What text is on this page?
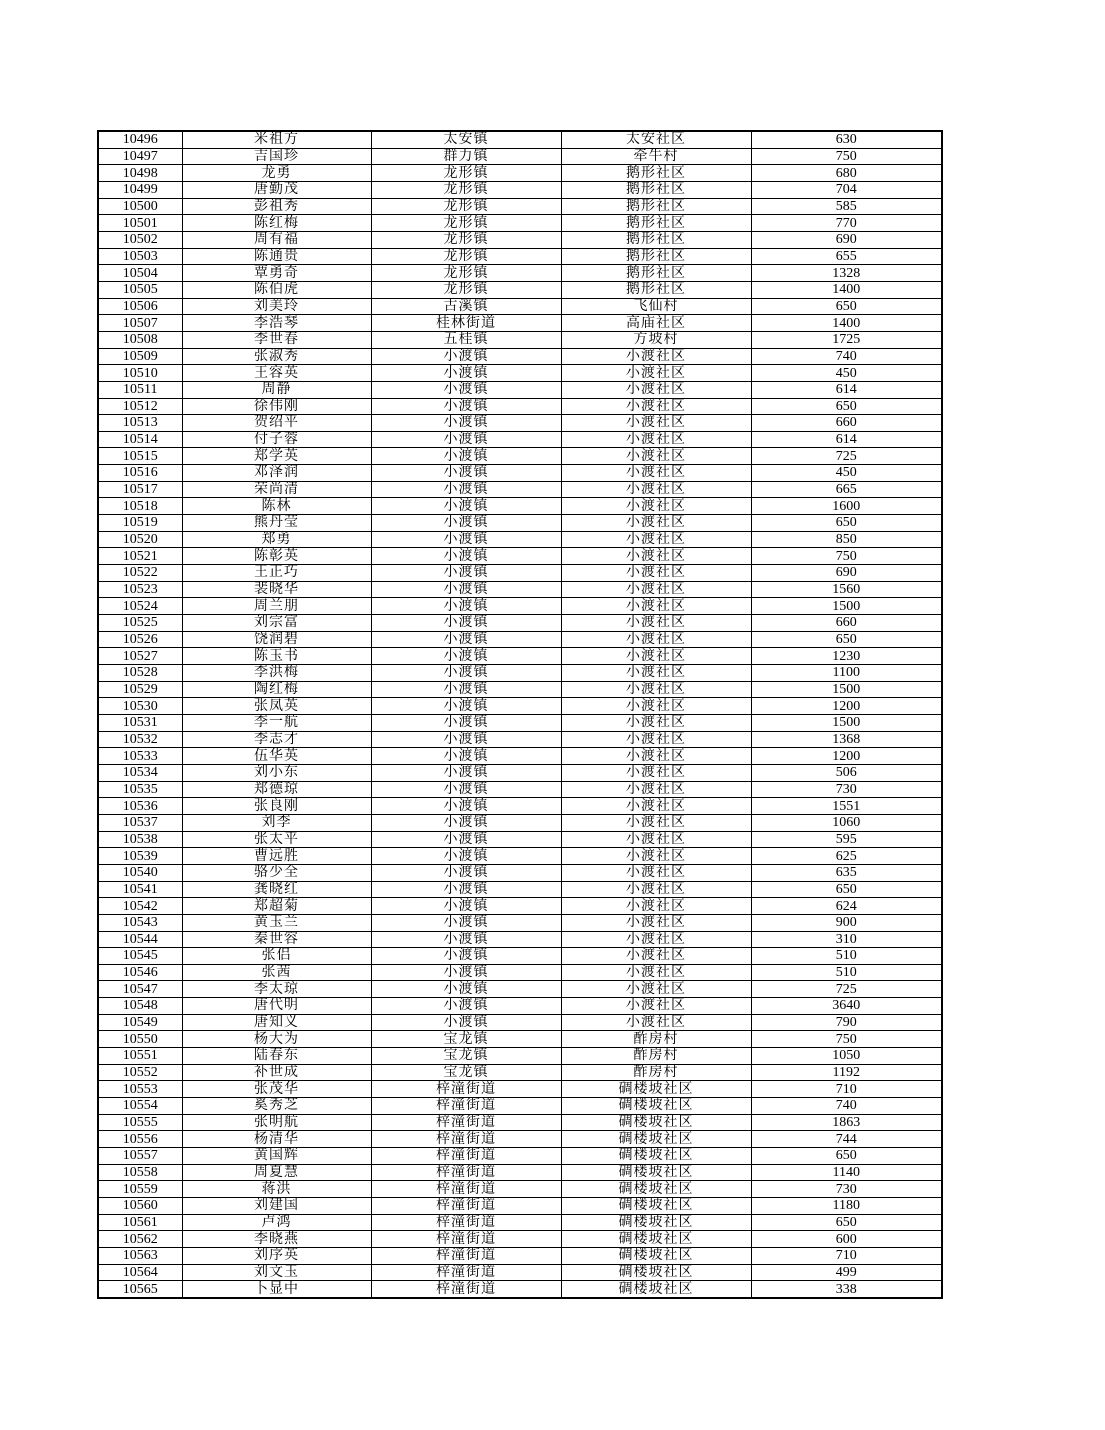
10496	米祖方	太安镇	太安社区	630
10497	吉国珍	群力镇	牵牛村	750
10498	龙勇	龙形镇	鹅形社区	680
10499	唐勤茂	龙形镇	鹅形社区	704
10500	彭祖秀	龙形镇	鹅形社区	585
10501	陈红梅	龙形镇	鹅形社区	770
10502	周有福	龙形镇	鹅形社区	690
10503	陈通贵	龙形镇	鹅形社区	655
10504	覃勇奇	龙形镇	鹅形社区	1328
10505	陈伯虎	龙形镇	鹅形社区	1400
10506	刘美玲	古溪镇	飞仙村	650
10507	李浩琴	桂林街道	高庙社区	1400
10508	李世春	五桂镇	方坡村	1725
10509	张淑秀	小渡镇	小渡社区	740
10510	王容英	小渡镇	小渡社区	450
10511	周静	小渡镇	小渡社区	614
10512	徐伟刚	小渡镇	小渡社区	650
10513	贺绍平	小渡镇	小渡社区	660
10514	付子蓉	小渡镇	小渡社区	614
10515	郑学英	小渡镇	小渡社区	725
10516	邓泽润	小渡镇	小渡社区	450
10517	荣尚清	小渡镇	小渡社区	665
10518	陈林	小渡镇	小渡社区	1600
10519	熊丹莹	小渡镇	小渡社区	650
10520	郑勇	小渡镇	小渡社区	850
10521	陈彰英	小渡镇	小渡社区	750
10522	王正巧	小渡镇	小渡社区	690
10523	裴晓华	小渡镇	小渡社区	1560
10524	周兰朋	小渡镇	小渡社区	1500
10525	刘宗富	小渡镇	小渡社区	660
10526	饶润碧	小渡镇	小渡社区	650
10527	陈玉书	小渡镇	小渡社区	1230
10528	李洪梅	小渡镇	小渡社区	1100
10529	陶红梅	小渡镇	小渡社区	1500
10530	张凤英	小渡镇	小渡社区	1200
10531	李一航	小渡镇	小渡社区	1500
10532	李志才	小渡镇	小渡社区	1368
10533	伍华英	小渡镇	小渡社区	1200
10534	刘小东	小渡镇	小渡社区	506
10535	郑德琼	小渡镇	小渡社区	730
10536	张良刚	小渡镇	小渡社区	1551
10537	刘李	小渡镇	小渡社区	1060
10538	张太平	小渡镇	小渡社区	595
10539	曹远胜	小渡镇	小渡社区	625
10540	骆少全	小渡镇	小渡社区	635
10541	龚晓红	小渡镇	小渡社区	650
10542	郑超菊	小渡镇	小渡社区	624
10543	黄玉兰	小渡镇	小渡社区	900
10544	秦世容	小渡镇	小渡社区	310
10545	张侣	小渡镇	小渡社区	510
10546	张茜	小渡镇	小渡社区	510
10547	李太琼	小渡镇	小渡社区	725
10548	唐代明	小渡镇	小渡社区	3640
10549	唐知义	小渡镇	小渡社区	790
10550	杨大为	宝龙镇	酢房村	750
10551	陆春东	宝龙镇	酢房村	1050
10552	补世成	宝龙镇	酢房村	1192
10553	张茂华	梓潼街道	碉楼坡社区	710
10554	奚秀芝	梓潼街道	碉楼坡社区	740
10555	张明航	梓潼街道	碉楼坡社区	1863
10556	杨清华	梓潼街道	碉楼坡社区	744
10557	黄国辉	梓潼街道	碉楼坡社区	650
10558	周夏慧	梓潼街道	碉楼坡社区	1140
10559	蒋洪	梓潼街道	碉楼坡社区	730
10560	刘建国	梓潼街道	碉楼坡社区	1180
10561	卢鸿	梓潼街道	碉楼坡社区	650
10562	李晓燕	梓潼街道	碉楼坡社区	600
10563	刘序英	梓潼街道	碉楼坡社区	710
10564	刘文玉	梓潼街道	碉楼坡社区	499
10565	卜显中	梓潼街道	碉楼坡社区	338
